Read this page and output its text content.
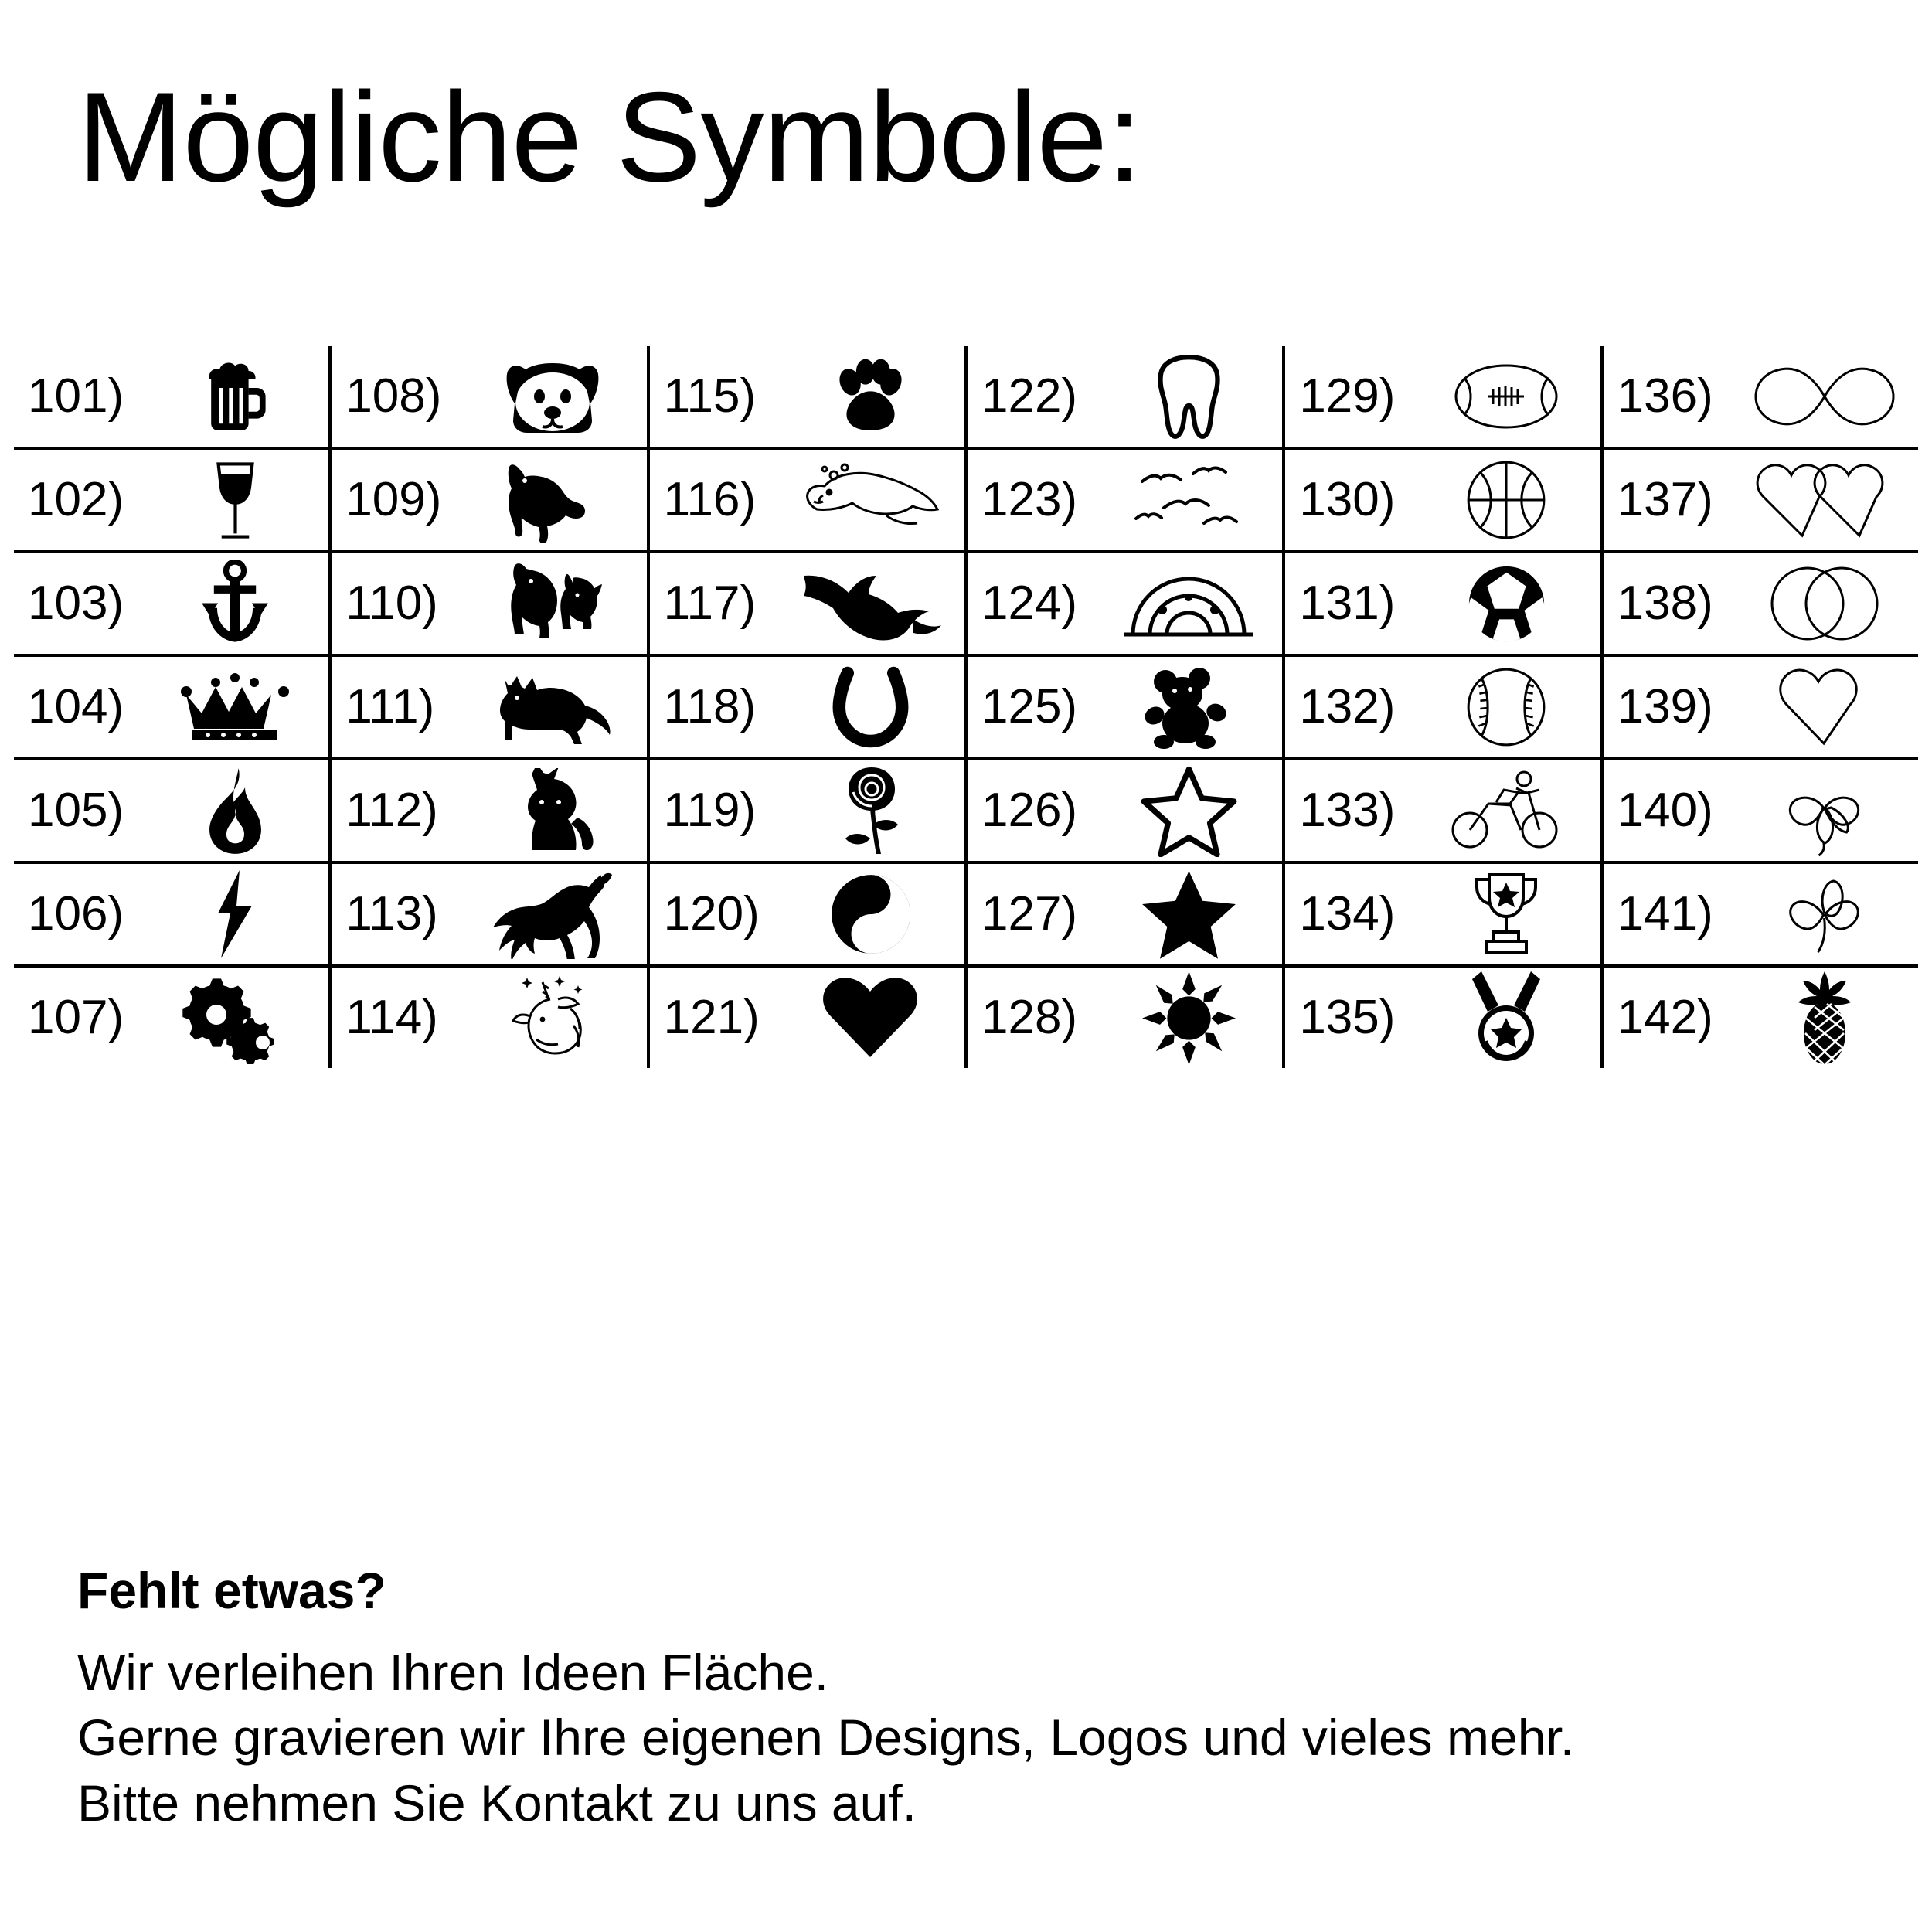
Mögliche Symbole:
101)		108)		115)		122)		129)		136)

102)		109)		116)		123)		130)		137)

103)		110)		117)		124)		131)		138)

104)		111)		118)		125)		132)		139)

105)		112)		119)		126)		133)		140)

106)		113)		120)		127)		134)		141)

107)		114)		121)		128)		135)		142)
Fehlt etwas?
Wir verleihen Ihren Ideen Fläche.
Gerne gravieren wir Ihre eigenen Designs, Logos und vieles mehr.
Bitte nehmen Sie Kontakt zu uns auf.
